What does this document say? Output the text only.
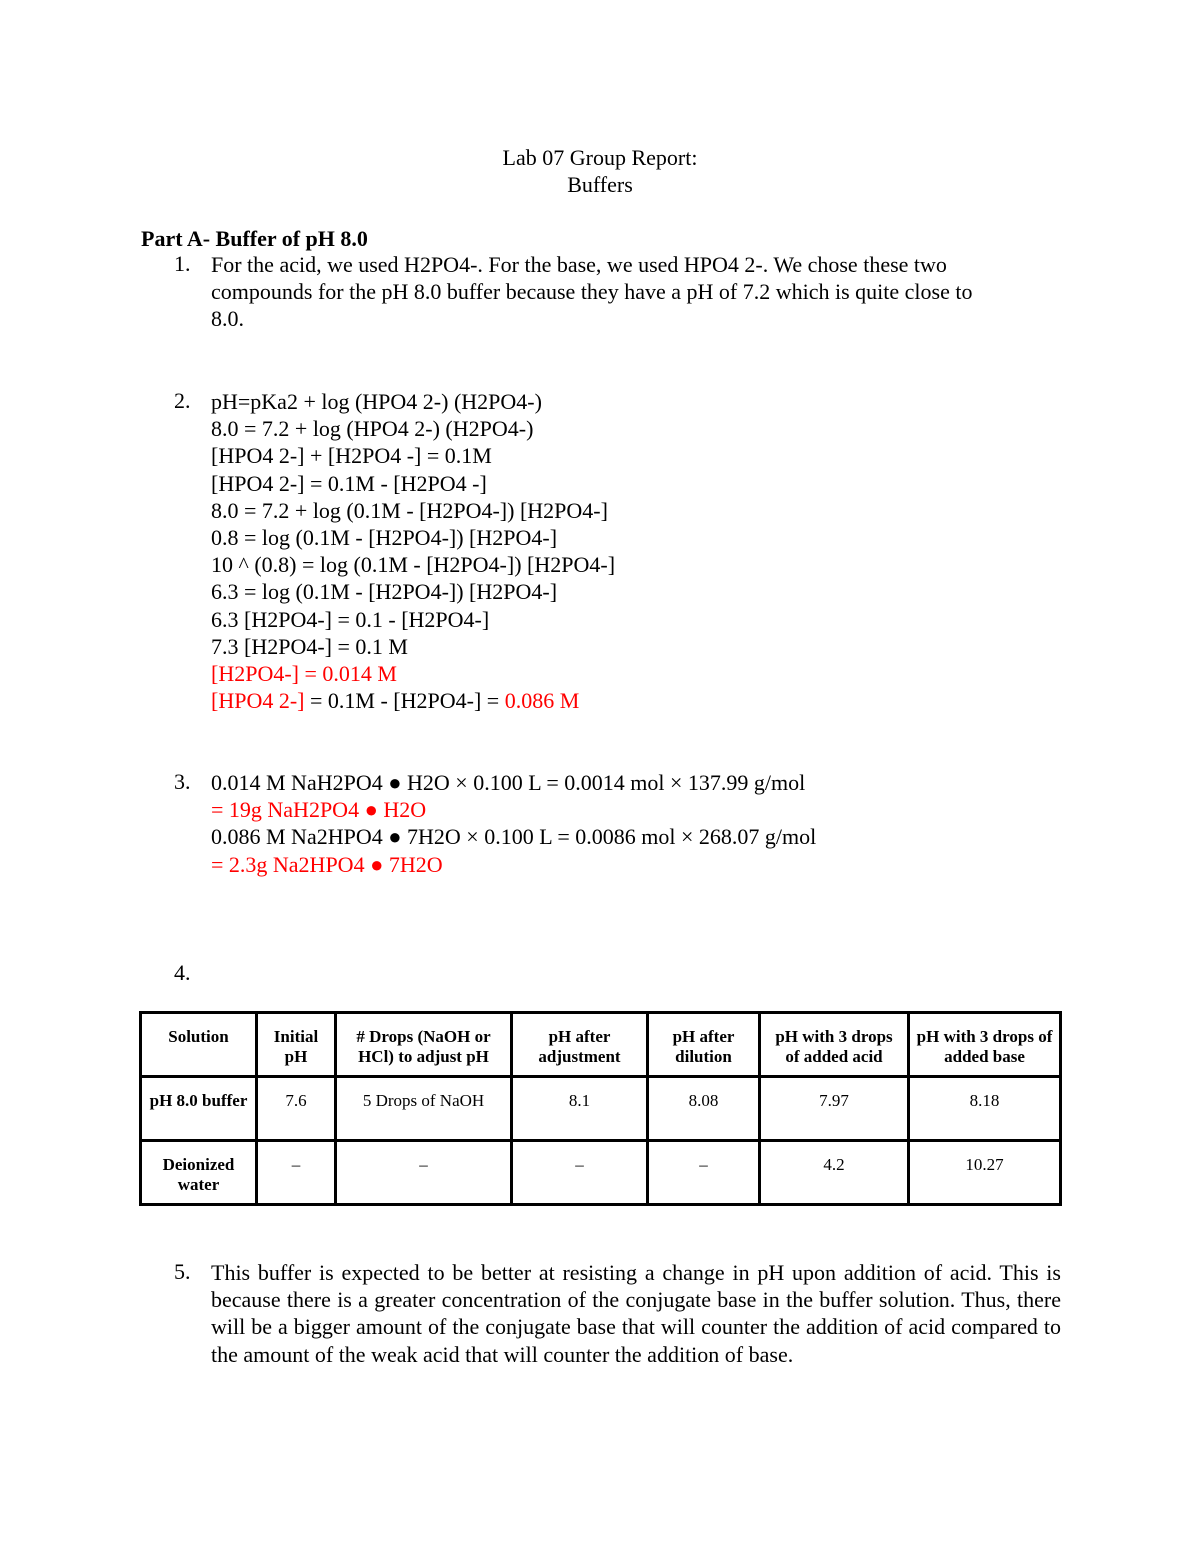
Lab 07 Group Report:
Buffers
Part A- Buffer of pH 8.0
1. For the acid, we used H2PO4-. For the base, we used HPO4 2-. We chose these two
compounds for the pH 8.0 buffer because they have a pH of 7.2 which is quite close to
8.0.
2. pH=pKa2 + log (HPO4 2-) (H2PO4-)
8.0 = 7.2 + log (HPO4 2-) (H2PO4-)
[HPO4 2-] + [H2PO4 -] = 0.1M
[HPO4 2-] = 0.1M - [H2PO4 -]
8.0 = 7.2 + log (0.1M - [H2PO4-]) [H2PO4-]
0.8 = log (0.1M - [H2PO4-]) [H2PO4-]
10 ^ (0.8) = log (0.1M - [H2PO4-]) [H2PO4-]
6.3 = log (0.1M - [H2PO4-]) [H2PO4-]
6.3 [H2PO4-] = 0.1 - [H2PO4-]
7.3 [H2PO4-] = 0.1 M
[H2PO4-] = 0.014 M
[HPO4 2-] = 0.1M - [H2PO4-] = 0.086 M
3. 0.014 M NaH2PO4 ● H2O × 0.100 L = 0.0014 mol × 137.99 g/mol
= 19g NaH2PO4 ● H2O
0.086 M Na2HPO4 ● 7H2O × 0.100 L = 0.0086 mol × 268.07 g/mol
= 2.3g Na2HPO4 ● 7H2O
4.
Solution	Initial pH	# Drops (NaOH or HCl) to adjust pH	pH after adjustment	pH after dilution	pH with 3 drops of added acid	pH with 3 drops of added base
pH 8.0 buffer	7.6	5 Drops of NaOH	8.1	8.08	7.97	8.18
Deionized water	–	–	–	–	4.2	10.27
5. This buffer is expected to be better at resisting a change in pH upon addition of acid. This is because there is a greater concentration of the conjugate base in the buffer solution. Thus, there will be a bigger amount of the conjugate base that will counter the addition of acid compared to the amount of the weak acid that will counter the addition of base.
